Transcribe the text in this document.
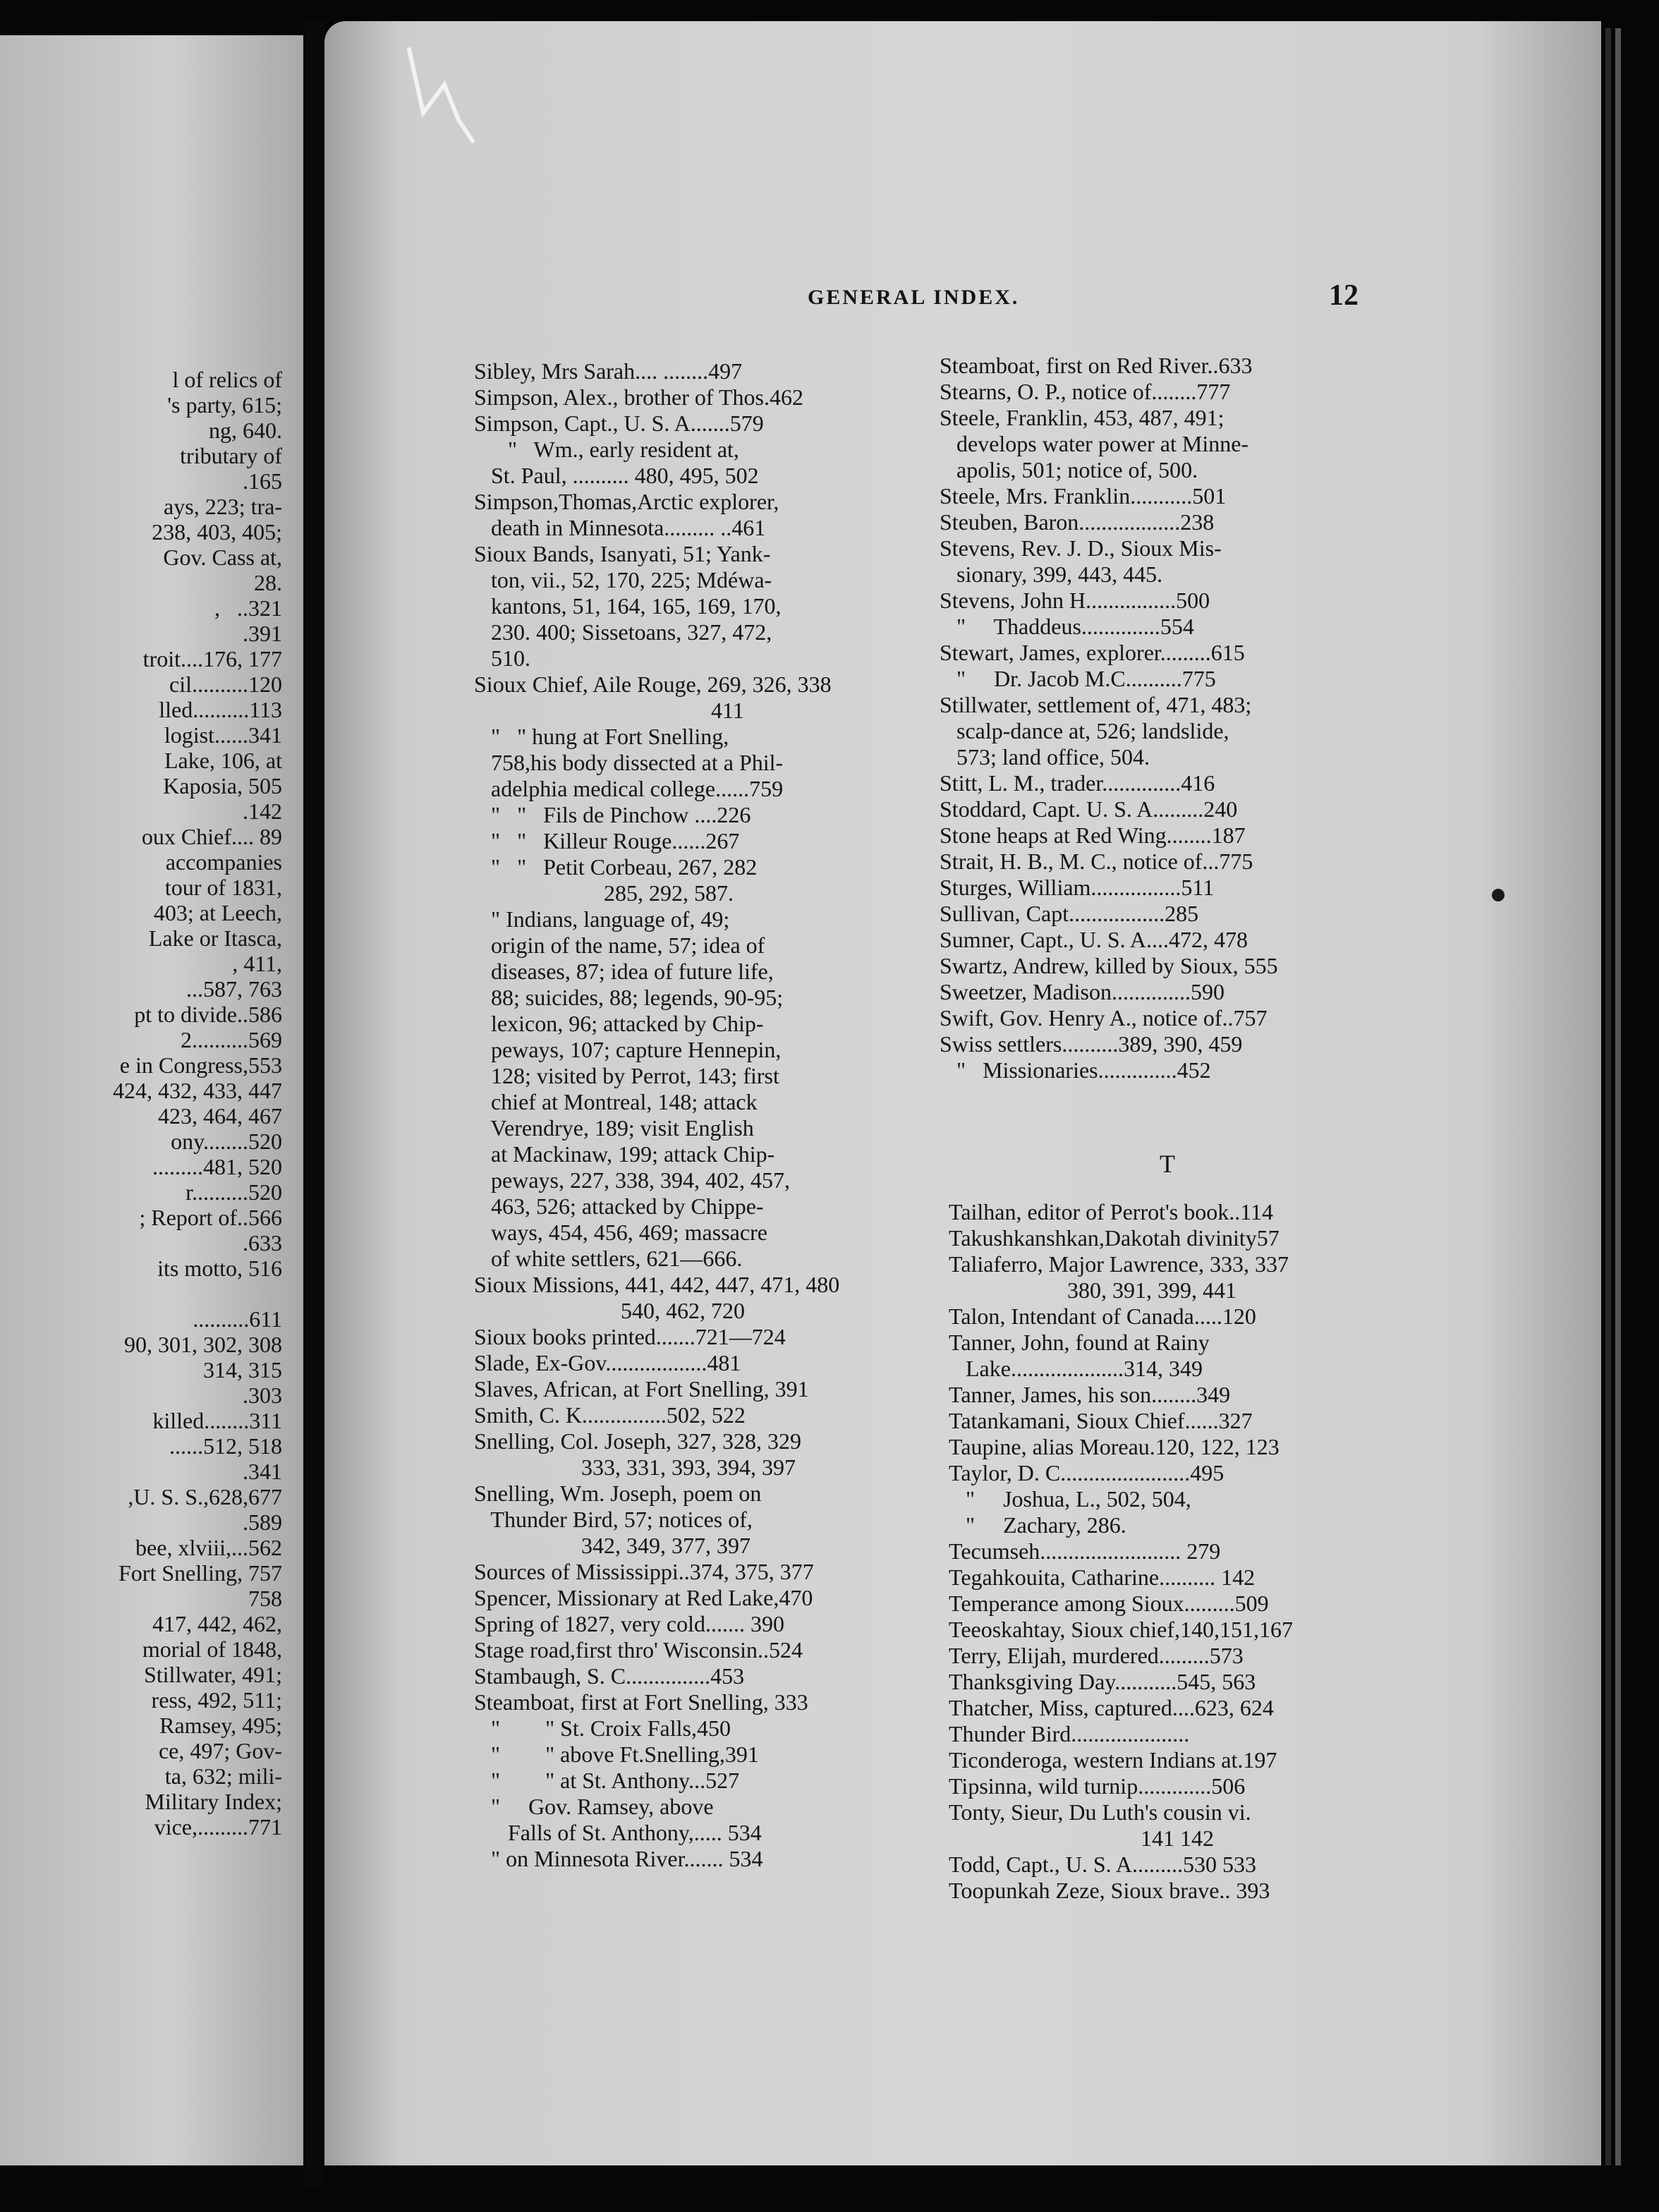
l of relics of
's party, 615;
ng, 640.
tributary of
.165
ays, 223; tra-
238, 403, 405;
Gov. Cass at,
28.
,   ..321
.391
troit....176, 177
cil..........120
lled..........113
logist......341
Lake, 106, at
Kaposia, 505
.142
oux Chief.... 89
accompanies
tour of 1831,
403; at Leech,
Lake or Itasca,
, 411,
...587, 763
pt to divide..586
2..........569
e in Congress,553
424, 432, 433, 447
423, 464, 467
ony........520
.........481, 520
r..........520
; Report of..566
.633
its motto, 516
..........611
90, 301, 302, 308
314, 315
.303
killed........311
......512, 518
.341
,U. S. S.,628,677
.589
bee, xlviii,...562
Fort Snelling, 757
758
417, 442, 462,
morial of 1848,
Stillwater, 491;
ress, 492, 511;
Ramsey, 495;
ce, 497; Gov-
ta, 632; mili-
Military Index;
vice,.........771
GENERAL INDEX.	12
Sibley, Mrs Sarah.... ........497
Simpson, Alex., brother of Thos.462
Simpson, Capt., U. S. A.......579
"   Wm., early resident at,
St. Paul, .......... 480, 495, 502
Simpson,Thomas,Arctic explorer,
death in Minnesota......... ..461
Sioux Bands, Isanyati, 51; Yank-
ton, vii., 52, 170, 225; Mdéwa-
kantons, 51, 164, 165, 169, 170,
230. 400; Sissetoans, 327, 472,
510.
Sioux Chief, Aile Rouge, 269, 326, 338
411
"   " hung at Fort Snelling,
758,his body dissected at a Phil-
adelphia medical college......759
"   "   Fils de Pinchow ....226
"   "   Killeur Rouge......267
"   "   Petit Corbeau, 267, 282
285, 292, 587.
" Indians, language of, 49;
origin of the name, 57; idea of
diseases, 87; idea of future life,
88; suicides, 88; legends, 90-95;
lexicon, 96; attacked by Chip-
peways, 107; capture Hennepin,
128; visited by Perrot, 143; first
chief at Montreal, 148; attack
Verendrye, 189; visit English
at Mackinaw, 199; attack Chip-
peways, 227, 338, 394, 402, 457,
463, 526; attacked by Chippe-
ways, 454, 456, 469; massacre
of white settlers, 621—666.
Sioux Missions, 441, 442, 447, 471, 480
540, 462, 720
Sioux books printed.......721—724
Slade, Ex-Gov..................481
Slaves, African, at Fort Snelling, 391
Smith, C. K...............502, 522
Snelling, Col. Joseph, 327, 328, 329
333, 331, 393, 394, 397
Snelling, Wm. Joseph, poem on
Thunder Bird, 57; notices of,
342, 349, 377, 397
Sources of Mississippi..374, 375, 377
Spencer, Missionary at Red Lake,470
Spring of 1827, very cold....... 390
Stage road,first thro' Wisconsin..524
Stambaugh, S. C...............453
Steamboat, first at Fort Snelling, 333
"        " St. Croix Falls,450
"        " above Ft.Snelling,391
"        " at St. Anthony...527
"     Gov. Ramsey, above
Falls of St. Anthony,..... 534
" on Minnesota River....... 534
Steamboat, first on Red River..633
Stearns, O. P., notice of........777
Steele, Franklin, 453, 487, 491;
develops water power at Minne-
apolis, 501; notice of, 500.
Steele, Mrs. Franklin...........501
Steuben, Baron..................238
Stevens, Rev. J. D., Sioux Mis-
sionary, 399, 443, 445.
Stevens, John H................500
"     Thaddeus..............554
Stewart, James, explorer.........615
"     Dr. Jacob M.C..........775
Stillwater, settlement of, 471, 483;
scalp-dance at, 526; landslide,
573; land office, 504.
Stitt, L. M., trader..............416
Stoddard, Capt. U. S. A.........240
Stone heaps at Red Wing........187
Strait, H. B., M. C., notice of...775
Sturges, William................511
Sullivan, Capt.................285
Sumner, Capt., U. S. A....472, 478
Swartz, Andrew, killed by Sioux, 555
Sweetzer, Madison..............590
Swift, Gov. Henry A., notice of..757
Swiss settlers..........389, 390, 459
"   Missionaries..............452
T
Tailhan, editor of Perrot's book..114
Takushkanshkan,Dakotah divinity57
Taliaferro, Major Lawrence, 333, 337
380, 391, 399, 441
Talon, Intendant of Canada.....120
Tanner, John, found at Rainy
Lake....................314, 349
Tanner, James, his son........349
Tatankamani, Sioux Chief......327
Taupine, alias Moreau.120, 122, 123
Taylor, D. C.......................495
"     Joshua, L., 502, 504,
"     Zachary, 286.
Tecumseh......................... 279
Tegahkouita, Catharine.......... 142
Temperance among Sioux.........509
Teeoskahtay, Sioux chief,140,151,167
Terry, Elijah, murdered.........573
Thanksgiving Day...........545, 563
Thatcher, Miss, captured....623, 624
Thunder Bird.....................
Ticonderoga, western Indians at.197
Tipsinna, wild turnip.............506
Tonty, Sieur, Du Luth's cousin vi.
141 142
Todd, Capt., U. S. A.........530 533
Toopunkah Zeze, Sioux brave.. 393
